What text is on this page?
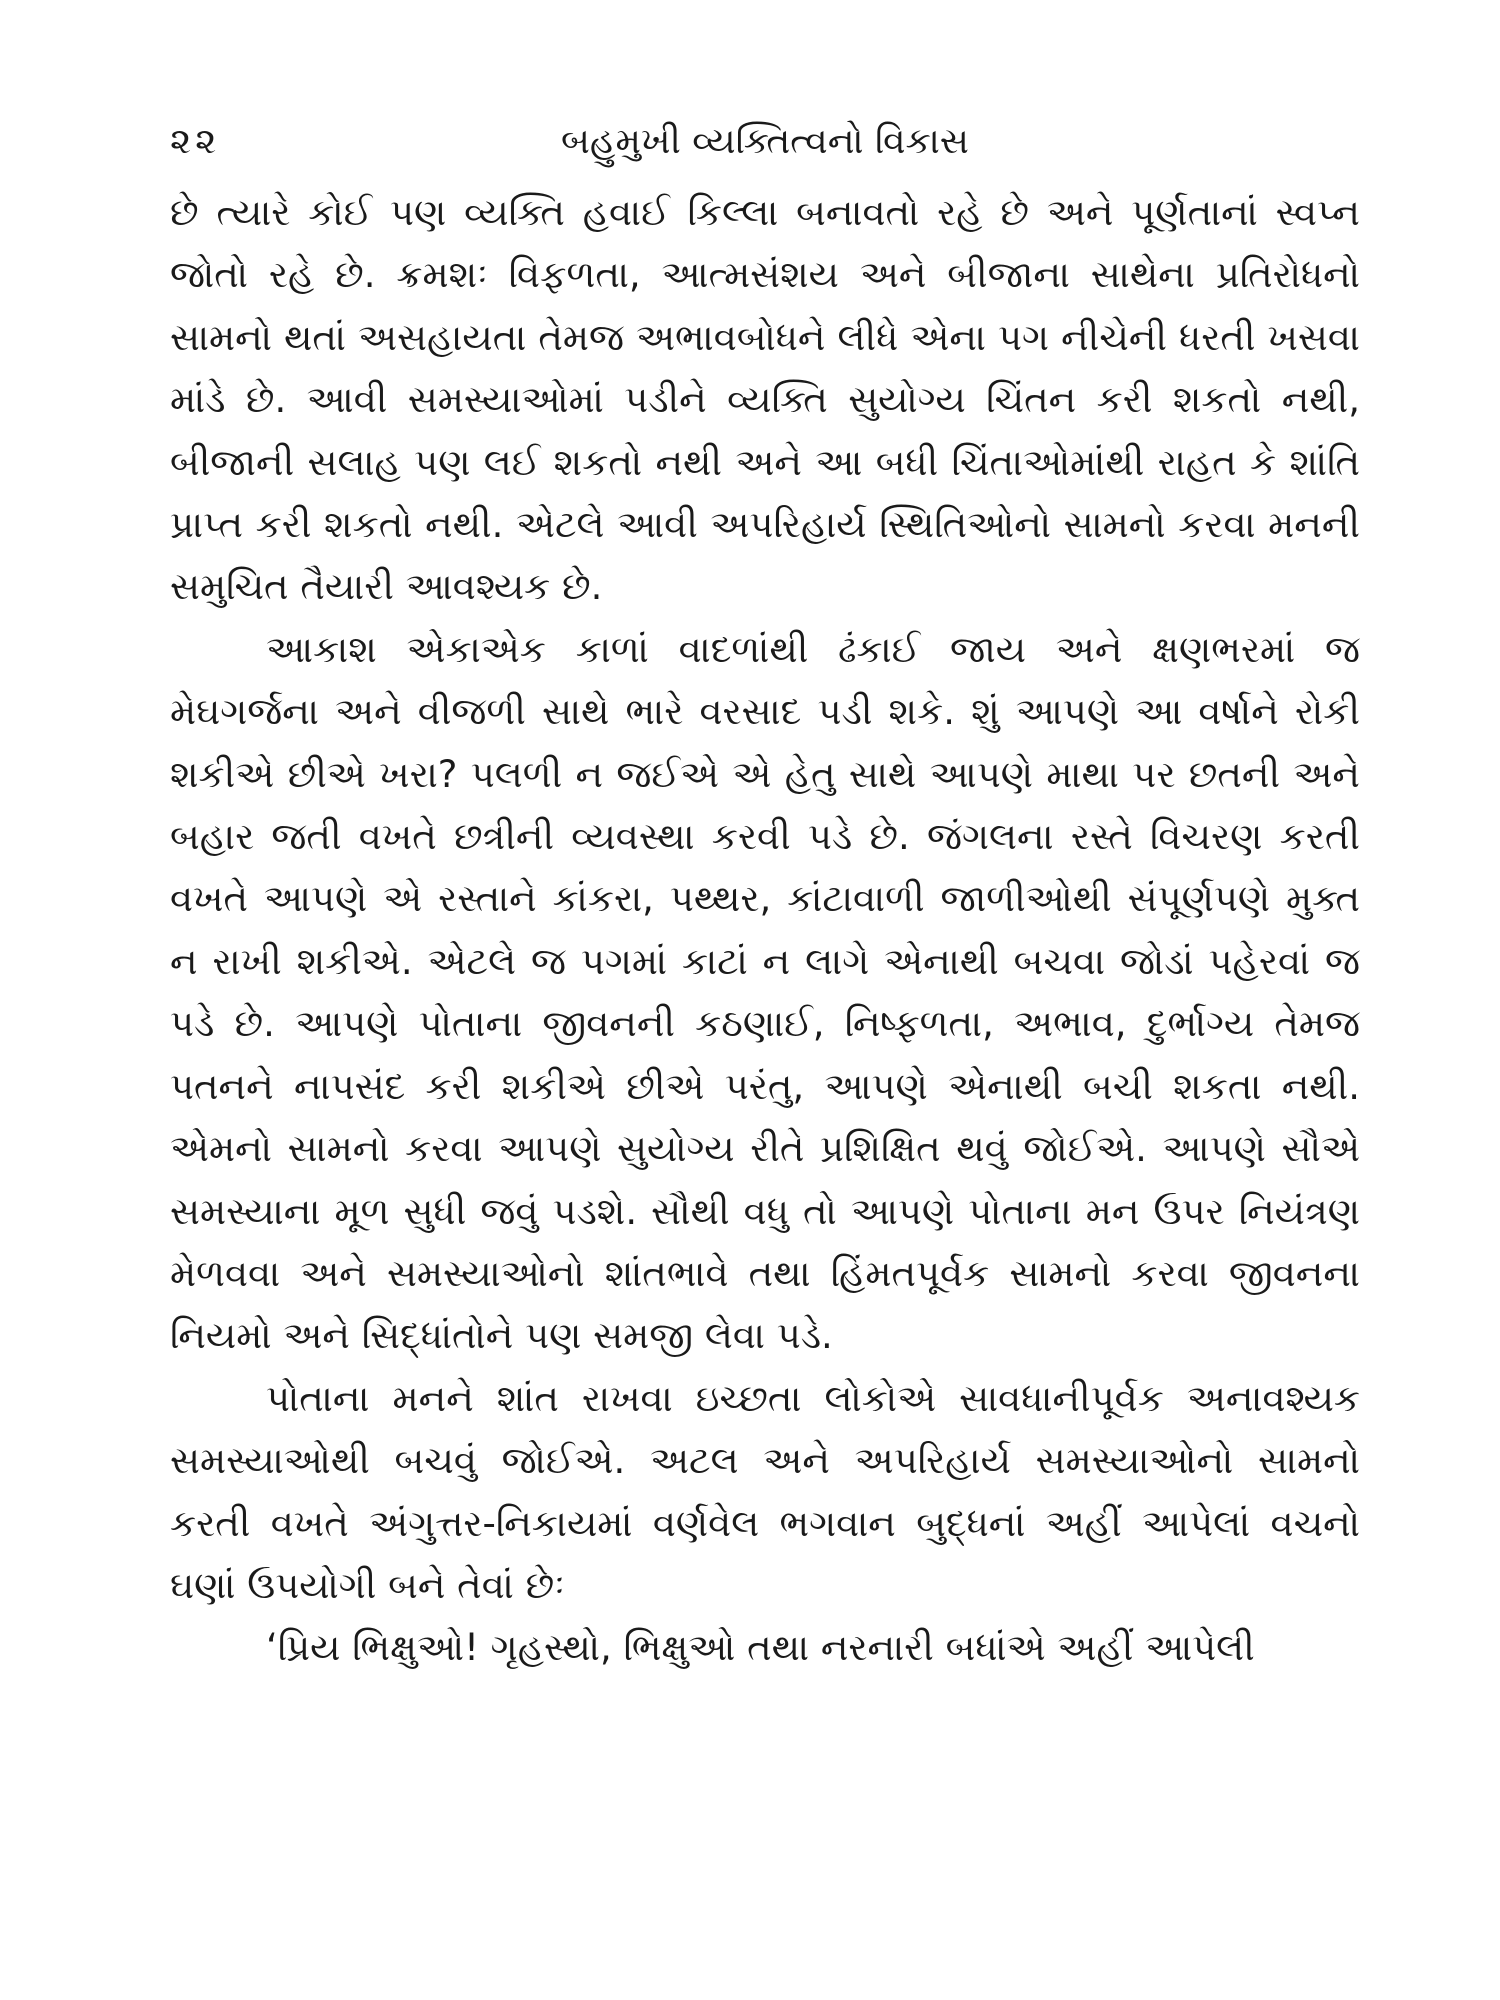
૨૨	બહુમુખી વ્યક્તિત્વનો વિકાસ

છે ત્યારે કોઈ પણ વ્યક્તિ હવાઈ કિલ્લા બનાવતો રહે છે અને પૂર્ણતાનાં સ્વપ્ન જોતો રહે છે. ક્રમશઃ વિફળતા, આત્મસંશય અને બીજાના સાથેના પ્રતિરોધનો સામનો થતાં અસહાયતા તેમજ અભાવબોધને લીધે એના પગ નીચેની ધરતી ખસવા માંડે છે. આવી સમસ્યાઓમાં પડીને વ્યક્તિ સુયોગ્ય ચિંતન કરી શકતો નથી, બીજાની સલાહ પણ લઈ શકતો નથી અને આ બધી ચિંતાઓમાંથી રાહત કે શાંતિ પ્રાપ્ત કરી શકતો નથી. એટલે આવી અપરિહાર્ય સ્થિતિઓનો સામનો કરવા મનની સમુચિત તૈયારી આવશ્યક છે.

આકાશ એકાએક કાળાં વાદળાંથી ઢંકાઈ જાય અને ક્ષણભરમાં જ મેઘગર્જના અને વીજળી સાથે ભારે વરસાદ પડી શકે. શું આપણે આ વર્ષાને રોકી શકીએ છીએ ખરા? પલળી ન જઈએ એ હેતુ સાથે આપણે માથા પર છતની અને બહાર જતી વખતે છત્રીની વ્યવસ્થા કરવી પડે છે. જંગલના રસ્તે વિચરણ કરતી વખતે આપણે એ રસ્તાને કાંકરા, પથ્થર, કાંટાવાળી જાળીઓથી સંપૂર્ણપણે મુક્ત ન રાખી શકીએ. એટલે જ પગમાં કાટાં ન લાગે એનાથી બચવા જોડાં પહેરવાં જ પડે છે. આપણે પોતાના જીવનની કઠણાઈ, નિષ્ફળતા, અભાવ, દુર્ભાગ્ય તેમજ પતનને નાપસંદ કરી શકીએ છીએ પરંતુ, આપણે એનાથી બચી શકતા નથી. એમનો સામનો કરવા આપણે સુયોગ્ય રીતે પ્રશિક્ષિત થવું જોઈએ. આપણે સૌએ સમસ્યાના મૂળ સુધી જવું પડશે. સૌથી વધુ તો આપણે પોતાના મન ઉપર નિયંત્રણ મેળવવા અને સમસ્યાઓનો શાંતભાવે તથા હિંમતપૂર્વક સામનો કરવા જીવનના નિયમો અને સિદ્ધાંતોને પણ સમજી લેવા પડે.

પોતાના મનને શાંત રાખવા ઇચ્છતા લોકોએ સાવધાનીપૂર્વક અનાવશ્યક સમસ્યાઓથી બચવું જોઈએ. અટલ અને અપરિહાર્ય સમસ્યાઓનો સામનો કરતી વખતે અંગુત્તર-નિકાયમાં વર્ણવેલ ભગવાન બુદ્ધનાં અહીં આપેલાં વચનો ઘણાં ઉપયોગી બને તેવાં છેઃ

‘પ્રિય ભિક્ષુઓ! ગૃહસ્થો, ભિક્ષુઓ તથા નરનારી બધાંએ અહીં આપેલી
